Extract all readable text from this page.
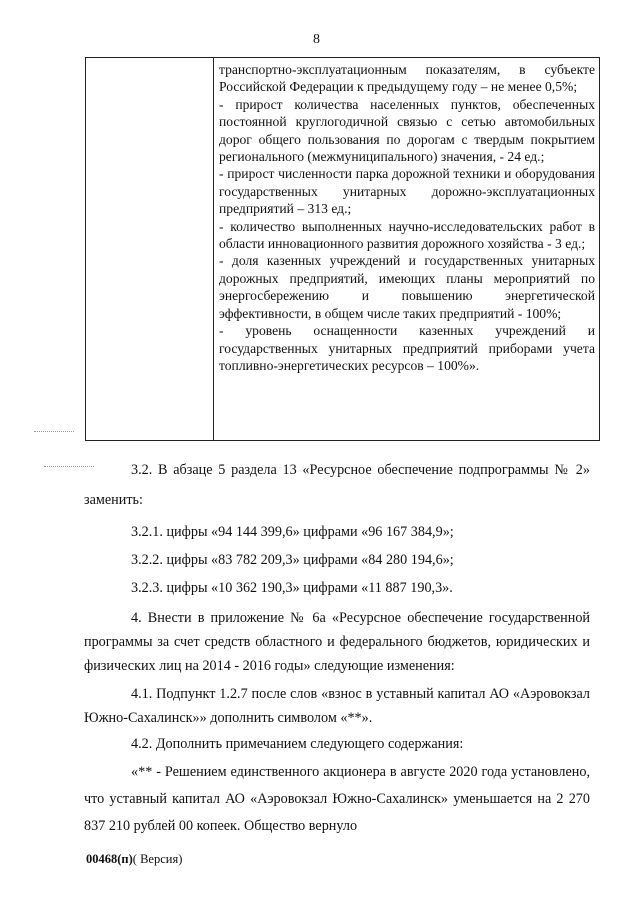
8

транспортно-эксплуатационным показателям, в субъекте Российской Федерации к предыдущему году – не менее 0,5%;

- прирост количества населенных пунктов, обеспеченных постоянной круглогодичной связью с сетью автомобильных дорог общего пользования по дорогам с твердым покрытием регионального (межмуниципального) значения, - 24 ед.;

- прирост численности парка дорожной техники и оборудования государственных унитарных дорожно-эксплуатационных предприятий – 313 ед.;

- количество выполненных научно-исследовательских работ в области инновационного развития дорожного хозяйства - 3 ед.;

- доля казенных учреждений и государственных унитарных дорожных предприятий, имеющих планы мероприятий по энергосбережению и повышению энергетической эффективности, в общем числе таких предприятий - 100%;

- уровень оснащенности казенных учреждений и государственных унитарных предприятий приборами учета топливно-энергетических ресурсов – 100%».

3.2. В абзаце 5 раздела 13 «Ресурсное обеспечение подпрограммы № 2» заменить:

3.2.1. цифры «94 144 399,6» цифрами «96 167 384,9»;

3.2.2. цифры «83 782 209,3» цифрами «84 280 194,6»;

3.2.3. цифры «10 362 190,3» цифрами «11 887 190,3».

4. Внести в приложение № 6а «Ресурсное обеспечение государственной программы за счет средств областного и федерального бюджетов, юридических и физических лиц на 2014 - 2016 годы» следующие изменения:

4.1. Подпункт 1.2.7 после слов «взнос в уставный капитал АО «Аэровокзал Южно-Сахалинск»» дополнить символом «**».

4.2. Дополнить примечанием следующего содержания:

«** - Решением единственного акционера в августе 2020 года установлено, что уставный капитал АО «Аэровокзал Южно-Сахалинск» уменьшается на 2 270 837 210 рублей 00 копеек. Общество вернуло

00468(п)( Версия)
